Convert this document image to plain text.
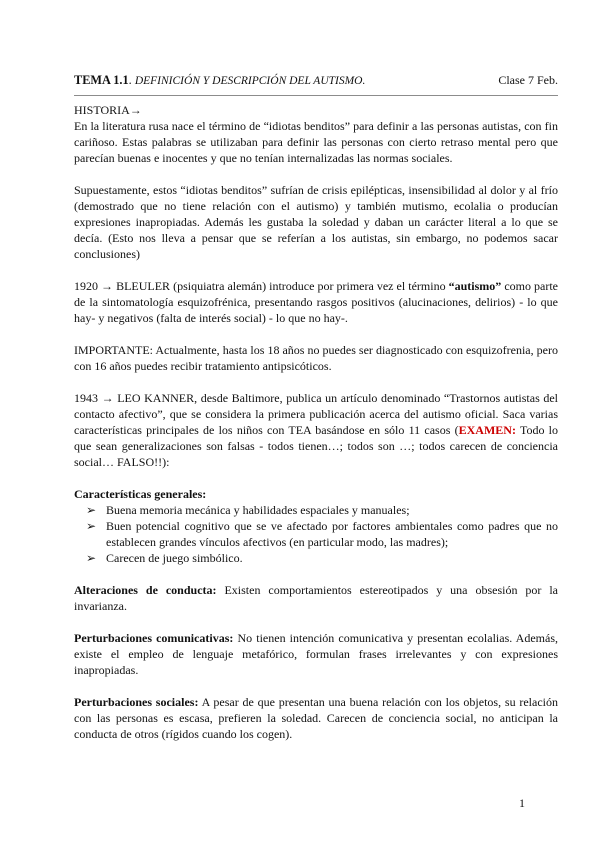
TEMA 1.1. DEFINICIÓN Y DESCRIPCIÓN DEL AUTISMO.	Clase 7 Feb.

HISTORIA→

En la literatura rusa nace el término de “idiotas benditos” para definir a las personas autistas, con fin cariñoso. Estas palabras se utilizaban para definir las personas con cierto retraso mental pero que parecían buenas e inocentes y que no tenían internalizadas las normas sociales.

Supuestamente, estos “idiotas benditos” sufrían de crisis epilépticas, insensibilidad al dolor y al frío (demostrado que no tiene relación con el autismo) y también mutismo, ecolalia o producían expresiones inapropiadas. Además les gustaba la soledad y daban un carácter literal a lo que se decía. (Esto nos lleva a pensar que se referían a los autistas, sin embargo, no podemos sacar conclusiones)

1920 → BLEULER (psiquiatra alemán) introduce por primera vez el término “autismo” como parte de la sintomatología esquizofrénica, presentando rasgos positivos (alucinaciones, delirios) - lo que hay- y negativos (falta de interés social) - lo que no hay-.

IMPORTANTE: Actualmente, hasta los 18 años no puedes ser diagnosticado con esquizofrenia, pero con 16 años puedes recibir tratamiento antipsicóticos.

1943 → LEO KANNER, desde Baltimore, publica un artículo denominado “Trastornos autistas del contacto afectivo”, que se considera la primera publicación acerca del autismo oficial. Saca varias características principales de los niños con TEA basándose en sólo 11 casos (EXAMEN: Todo lo que sean generalizaciones son falsas - todos tienen…; todos son …; todos carecen de conciencia social… FALSO!!):

Características generales:

➢ Buena memoria mecánica y habilidades espaciales y manuales;
➢ Buen potencial cognitivo que se ve afectado por factores ambientales como padres que no establecen grandes vínculos afectivos (en particular modo, las madres);
➢ Carecen de juego simbólico.

Alteraciones de conducta: Existen comportamientos estereotipados y una obsesión por la invarianza.

Perturbaciones comunicativas: No tienen intención comunicativa y presentan ecolalias. Además, existe el empleo de lenguaje metafórico, formulan frases irrelevantes y con expresiones inapropiadas.

Perturbaciones sociales: A pesar de que presentan una buena relación con los objetos, su relación con las personas es escasa, prefieren la soledad. Carecen de conciencia social, no anticipan la conducta de otros (rígidos cuando los cogen).

1
